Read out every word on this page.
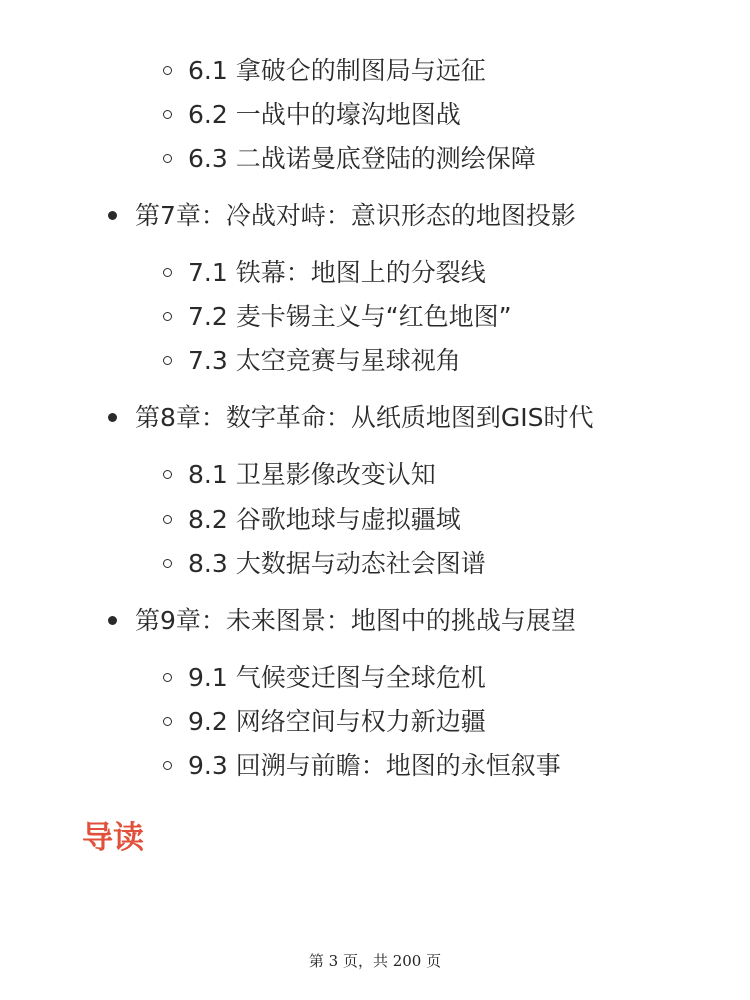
6.1 拿破仑的制图局与远征
6.2 一战中的壕沟地图战
6.3 二战诺曼底登陆的测绘保障
第7章：冷战对峙：意识形态的地图投影
7.1 铁幕：地图上的分裂线
7.2 麦卡锡主义与“红色地图”
7.3 太空竞赛与星球视角
第8章：数字革命：从纸质地图到GIS时代
8.1 卫星影像改变认知
8.2 谷歌地球与虚拟疆域
8.3 大数据与动态社会图谱
第9章：未来图景：地图中的挑战与展望
9.1 气候变迁图与全球危机
9.2 网络空间与权力新边疆
9.3 回溯与前瞻：地图的永恒叙事
导读
第 3 页，共 200 页
